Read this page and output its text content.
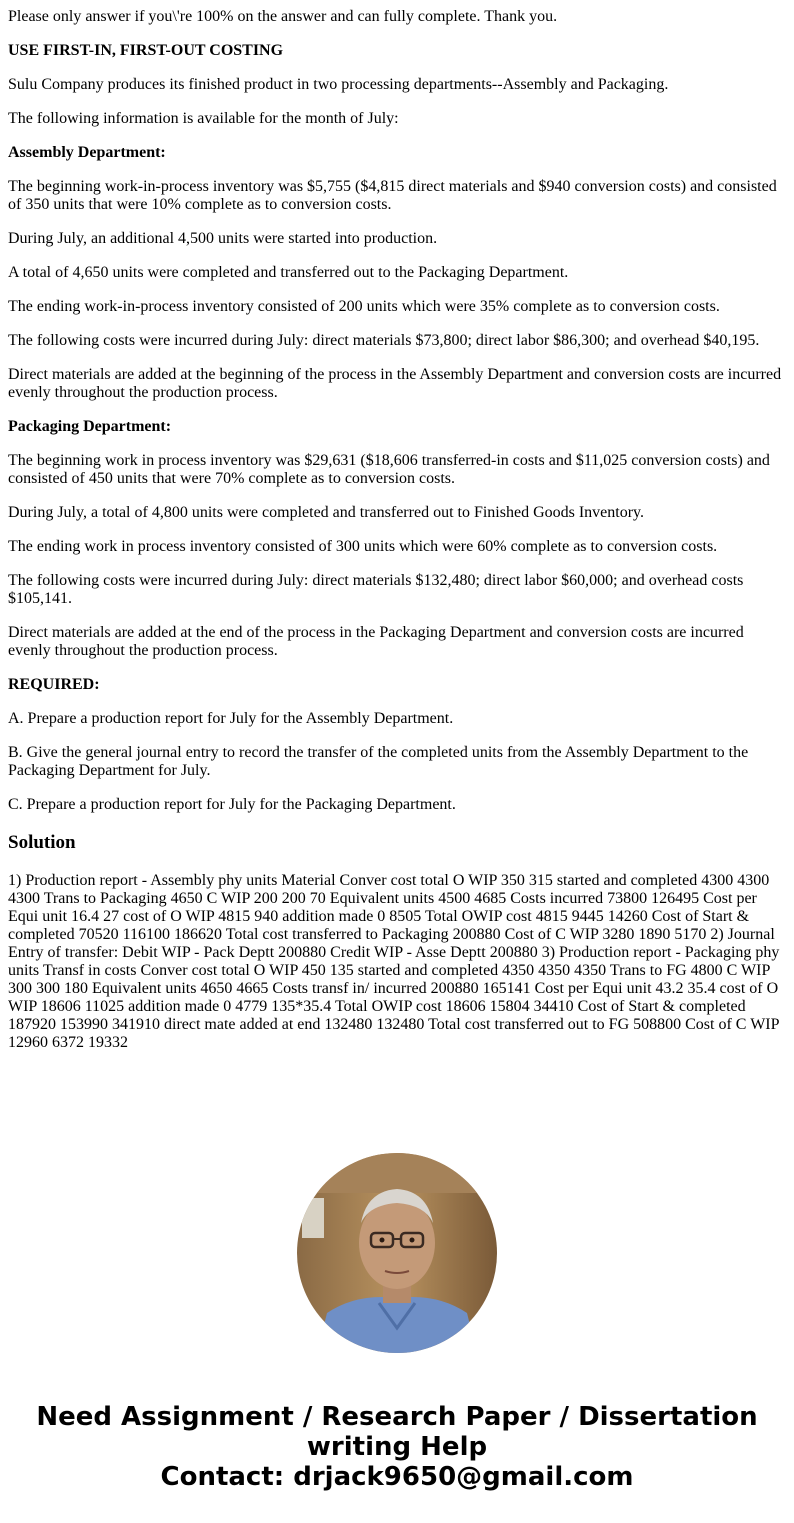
Please only answer if you\'re 100% on the answer and can fully complete. Thank you.

USE FIRST-IN, FIRST-OUT COSTING

Sulu Company produces its finished product in two processing departments--Assembly and Packaging.

The following information is available for the month of July:

Assembly Department:

The beginning work-in-process inventory was $5,755 ($4,815 direct materials and $940 conversion costs) and consisted of 350 units that were 10% complete as to conversion costs.

During July, an additional 4,500 units were started into production.

A total of 4,650 units were completed and transferred out to the Packaging Department.

The ending work-in-process inventory consisted of 200 units which were 35% complete as to conversion costs.

The following costs were incurred during July: direct materials $73,800; direct labor $86,300; and overhead $40,195.

Direct materials are added at the beginning of the process in the Assembly Department and conversion costs are incurred evenly throughout the production process.

Packaging Department:

The beginning work in process inventory was $29,631 ($18,606 transferred-in costs and $11,025 conversion costs) and consisted of 450 units that were 70% complete as to conversion costs.

During July, a total of 4,800 units were completed and transferred out to Finished Goods Inventory.

The ending work in process inventory consisted of 300 units which were 60% complete as to conversion costs.

The following costs were incurred during July: direct materials $132,480; direct labor $60,000; and overhead costs $105,141.

Direct materials are added at the end of the process in the Packaging Department and conversion costs are incurred evenly throughout the production process.

REQUIRED:

A. Prepare a production report for July for the Assembly Department.

B. Give the general journal entry to record the transfer of the completed units from the Assembly Department to the Packaging Department for July.

C. Prepare a production report for July for the Packaging Department.

Solution

1) Production report - Assembly phy units Material Conver cost total O WIP 350 315 started and completed 4300 4300 4300 Trans to Packaging 4650 C WIP 200 200 70 Equivalent units 4500 4685 Costs incurred 73800 126495 Cost per Equi unit 16.4 27 cost of O WIP 4815 940 addition made 0 8505 Total OWIP cost 4815 9445 14260 Cost of Start & completed 70520 116100 186620 Total cost transferred to Packaging 200880 Cost of C WIP 3280 1890 5170 2) Journal Entry of transfer: Debit WIP - Pack Deptt 200880 Credit WIP - Asse Deptt 200880 3) Production report - Packaging phy units Transf in costs Conver cost total O WIP 450 135 started and completed 4350 4350 4350 Trans to FG 4800 C WIP 300 300 180 Equivalent units 4650 4665 Costs transf in/ incurred 200880 165141 Cost per Equi unit 43.2 35.4 cost of O WIP 18606 11025 addition made 0 4779 135*35.4 Total OWIP cost 18606 15804 34410 Cost of Start & completed 187920 153990 341910 direct mate added at end 132480 132480 Total cost transferred out to FG 508800 Cost of C WIP 12960 6372 19332

Need Assignment / Research Paper / Dissertation
writing Help
Contact: drjack9650@gmail.com
